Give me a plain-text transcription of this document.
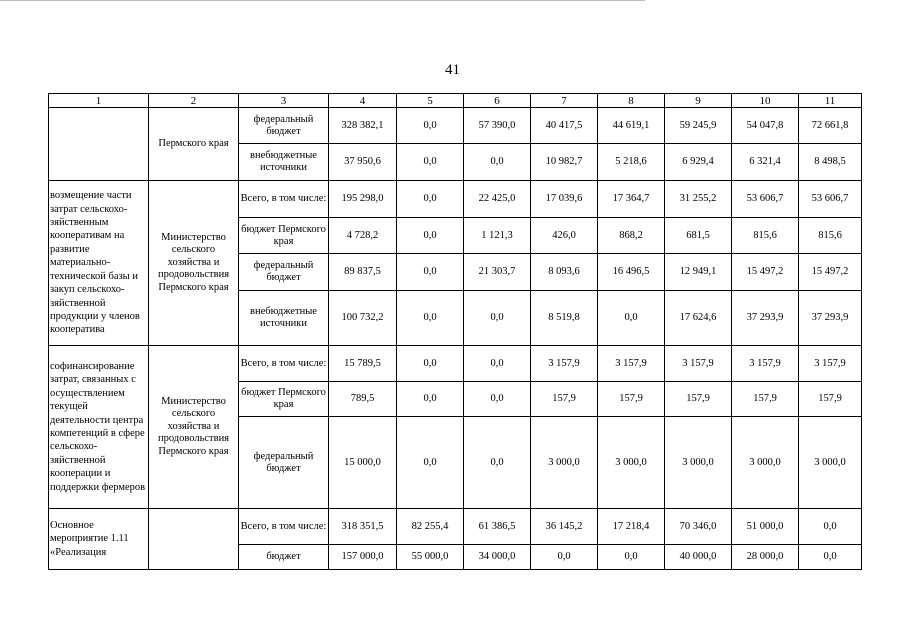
41
1	2	3	4	5	6	7	8	9	10	11
	Пермского края	федеральный бюджет	328 382,1	0,0	57 390,0	40 417,5	44 619,1	59 245,9	54 047,8	72 661,8
		внебюджетные источники	37 950,6	0,0	0,0	10 982,7	5 218,6	6 929,4	6 321,4	8 498,5
возмещение части затрат сельскохо-зяйственным кооперативам на развитие материально-технической базы и закуп сельскохо-зяйственной продукции у членов кооператива	Министерство сельского хозяйства и продовольствия Пермского края	Всего, в том числе:	195 298,0	0,0	22 425,0	17 039,6	17 364,7	31 255,2	53 606,7	53 606,7
		бюджет Пермского края	4 728,2	0,0	1 121,3	426,0	868,2	681,5	815,6	815,6
		федеральный бюджет	89 837,5	0,0	21 303,7	8 093,6	16 496,5	12 949,1	15 497,2	15 497,2
		внебюджетные источники	100 732,2	0,0	0,0	8 519,8	0,0	17 624,6	37 293,9	37 293,9
софинансирование затрат, связанных с осуществлением текущей деятельности центра компетенций в сфере сельскохо-зяйственной кооперации и поддержки фермеров	Министерство сельского хозяйства и продовольствия Пермского края	Всего, в том числе:	15 789,5	0,0	0,0	3 157,9	3 157,9	3 157,9	3 157,9	3 157,9
		бюджет Пермского края	789,5	0,0	0,0	157,9	157,9	157,9	157,9	157,9
		федеральный бюджет	15 000,0	0,0	0,0	3 000,0	3 000,0	3 000,0	3 000,0	3 000,0
Основное мероприятие 1.11 «Реализация		Всего, в том числе:	318 351,5	82 255,4	61 386,5	36 145,2	17 218,4	70 346,0	51 000,0	0,0
		бюджет	157 000,0	55 000,0	34 000,0	0,0	0,0	40 000,0	28 000,0	0,0
